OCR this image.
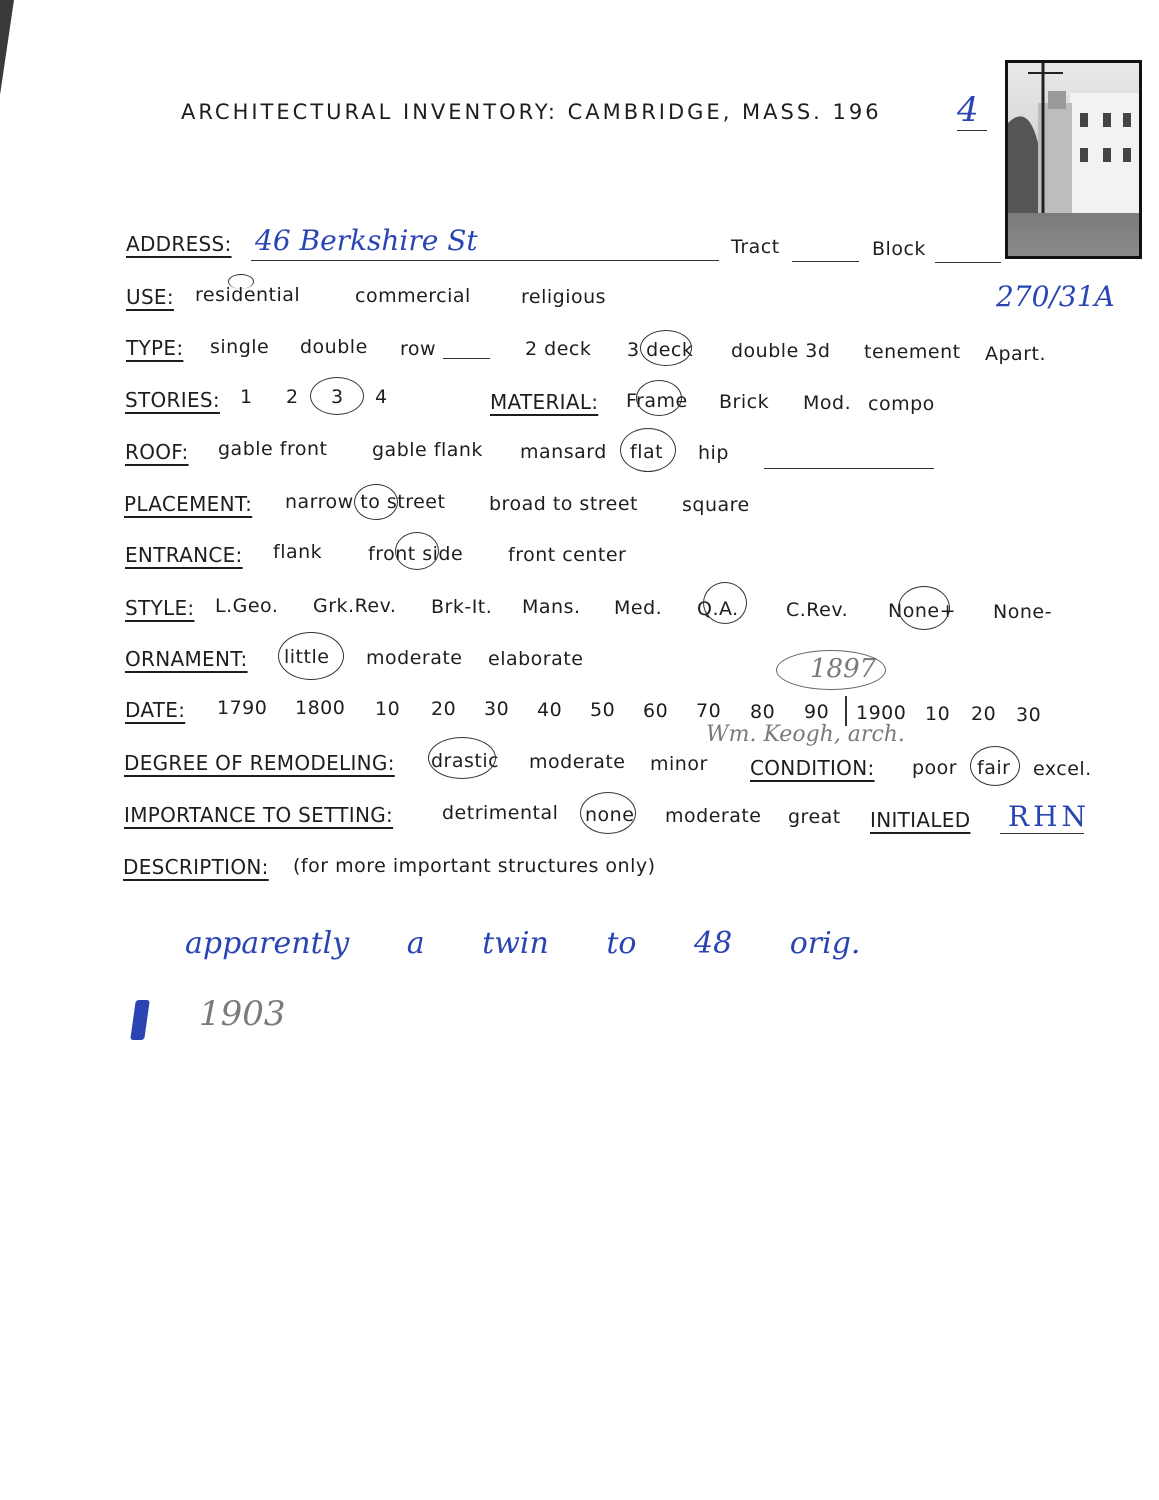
ARCHITECTURAL INVENTORY: CAMBRIDGE, MASS. 196 4
ADDRESS: 46 Berkshire St	Tract	Block
270/31A
USE: residential	commercial	religious
TYPE: single double row	2 deck 3 deck double 3d tenement Apart.
STORIES: 1 2 3 4	MATERIAL: Frame Brick Mod. compo
ROOF: gable front gable flank mansard flat hip
PLACEMENT: narrow to street broad to street square
ENTRANCE: flank front side front center
STYLE: L.Geo. Grk.Rev. Brk-It. Mans. Med. Q.A. C.Rev. None+ None-
ORNAMENT: little moderate elaborate	1897
DATE: 1790 1800 10 20 30 40 50 60 70 80 90 1900 10 20 30
Wm. Keogh, arch.
DEGREE OF REMODELING: drastic moderate minor CONDITION: poor fair excel.
IMPORTANCE TO SETTING:	detrimental none moderate great INITIALED RHN
DESCRIPTION: (for more important structures only)
apparently a twin to 48 orig.
1903
